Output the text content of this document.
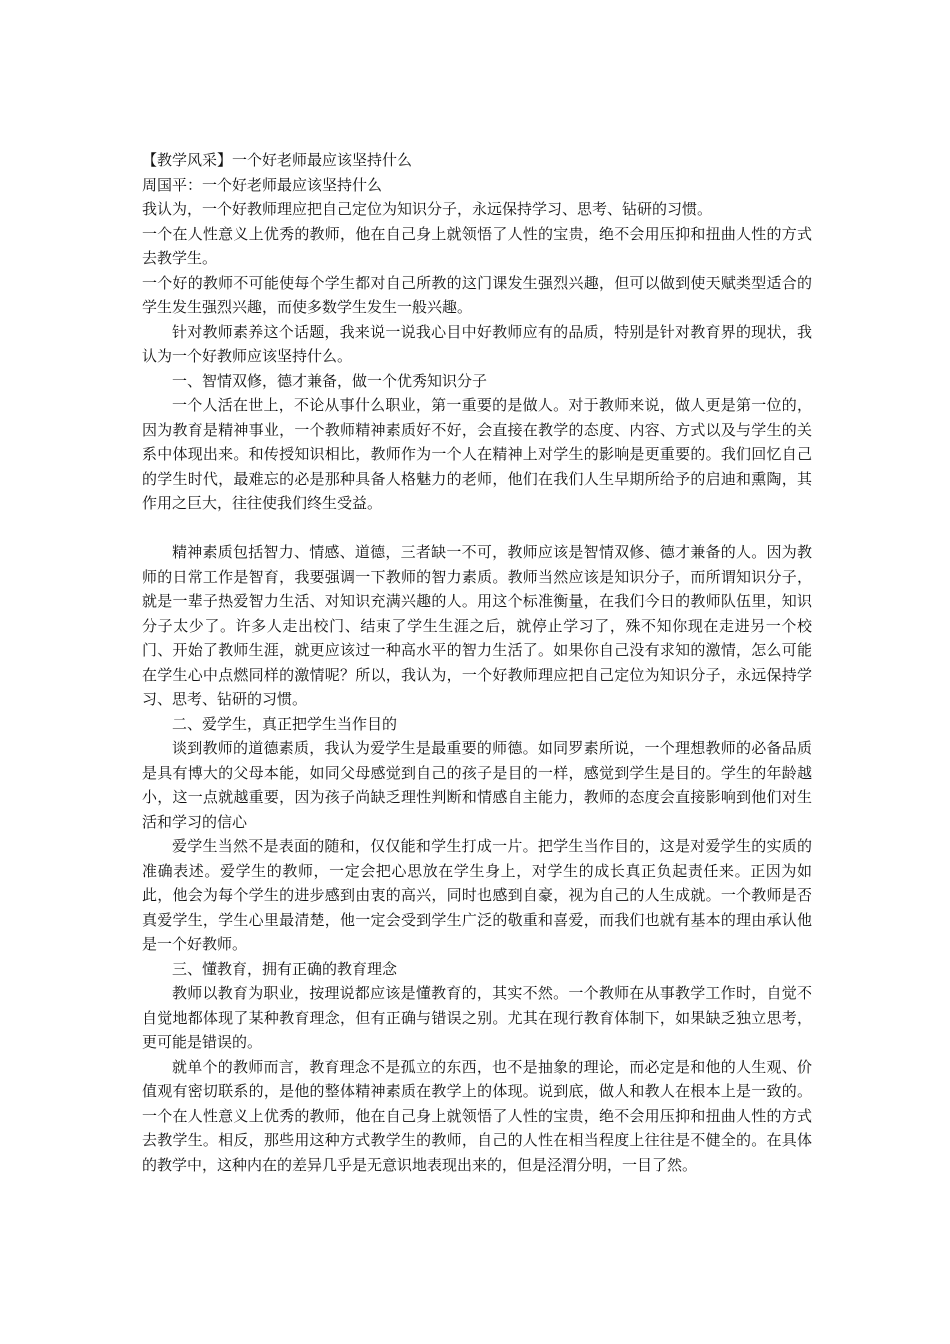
【教学风采】一个好老师最应该坚持什么

周国平：一个好老师最应该坚持什么

我认为，一个好教师理应把自己定位为知识分子，永远保持学习、思考、钻研的习惯。

一个在人性意义上优秀的教师，他在自己身上就领悟了人性的宝贵，绝不会用压抑和扭曲人性的方式去教学生。

一个好的教师不可能使每个学生都对自己所教的这门课发生强烈兴趣，但可以做到使天赋类型适合的学生发生强烈兴趣，而使多数学生发生一般兴趣。

针对教师素养这个话题，我来说一说我心目中好教师应有的品质，特别是针对教育界的现状，我认为一个好教师应该坚持什么。

一、智情双修，德才兼备，做一个优秀知识分子

一个人活在世上，不论从事什么职业，第一重要的是做人。对于教师来说，做人更是第一位的，因为教育是精神事业，一个教师精神素质好不好，会直接在教学的态度、内容、方式以及与学生的关系中体现出来。和传授知识相比，教师作为一个人在精神上对学生的影响是更重要的。我们回忆自己的学生时代，最难忘的必是那种具备人格魅力的老师，他们在我们人生早期所给予的启迪和熏陶，其作用之巨大，往往使我们终生受益。

精神素质包括智力、情感、道德，三者缺一不可，教师应该是智情双修、德才兼备的人。因为教师的日常工作是智育，我要强调一下教师的智力素质。教师当然应该是知识分子，而所谓知识分子，就是一辈子热爱智力生活、对知识充满兴趣的人。用这个标准衡量，在我们今日的教师队伍里，知识分子太少了。许多人走出校门、结束了学生生涯之后，就停止学习了，殊不知你现在走进另一个校门、开始了教师生涯，就更应该过一种高水平的智力生活了。如果你自己没有求知的激情，怎么可能在学生心中点燃同样的激情呢？所以，我认为，一个好教师理应把自己定位为知识分子，永远保持学习、思考、钻研的习惯。

二、爱学生，真正把学生当作目的

谈到教师的道德素质，我认为爱学生是最重要的师德。如同罗素所说，一个理想教师的必备品质是具有博大的父母本能，如同父母感觉到自己的孩子是目的一样，感觉到学生是目的。学生的年龄越小，这一点就越重要，因为孩子尚缺乏理性判断和情感自主能力，教师的态度会直接影响到他们对生活和学习的信心

爱学生当然不是表面的随和，仅仅能和学生打成一片。把学生当作目的，这是对爱学生的实质的准确表述。爱学生的教师，一定会把心思放在学生身上，对学生的成长真正负起责任来。正因为如此，他会为每个学生的进步感到由衷的高兴，同时也感到自豪，视为自己的人生成就。一个教师是否真爱学生，学生心里最清楚，他一定会受到学生广泛的敬重和喜爱，而我们也就有基本的理由承认他是一个好教师。

三、懂教育，拥有正确的教育理念

教师以教育为职业，按理说都应该是懂教育的，其实不然。一个教师在从事教学工作时，自觉不自觉地都体现了某种教育理念，但有正确与错误之别。尤其在现行教育体制下，如果缺乏独立思考，更可能是错误的。

就单个的教师而言，教育理念不是孤立的东西，也不是抽象的理论，而必定是和他的人生观、价值观有密切联系的，是他的整体精神素质在教学上的体现。说到底，做人和教人在根本上是一致的。一个在人性意义上优秀的教师，他在自己身上就领悟了人性的宝贵，绝不会用压抑和扭曲人性的方式去教学生。相反，那些用这种方式教学生的教师，自己的人性在相当程度上往往是不健全的。在具体的教学中，这种内在的差异几乎是无意识地表现出来的，但是泾渭分明，一目了然。
